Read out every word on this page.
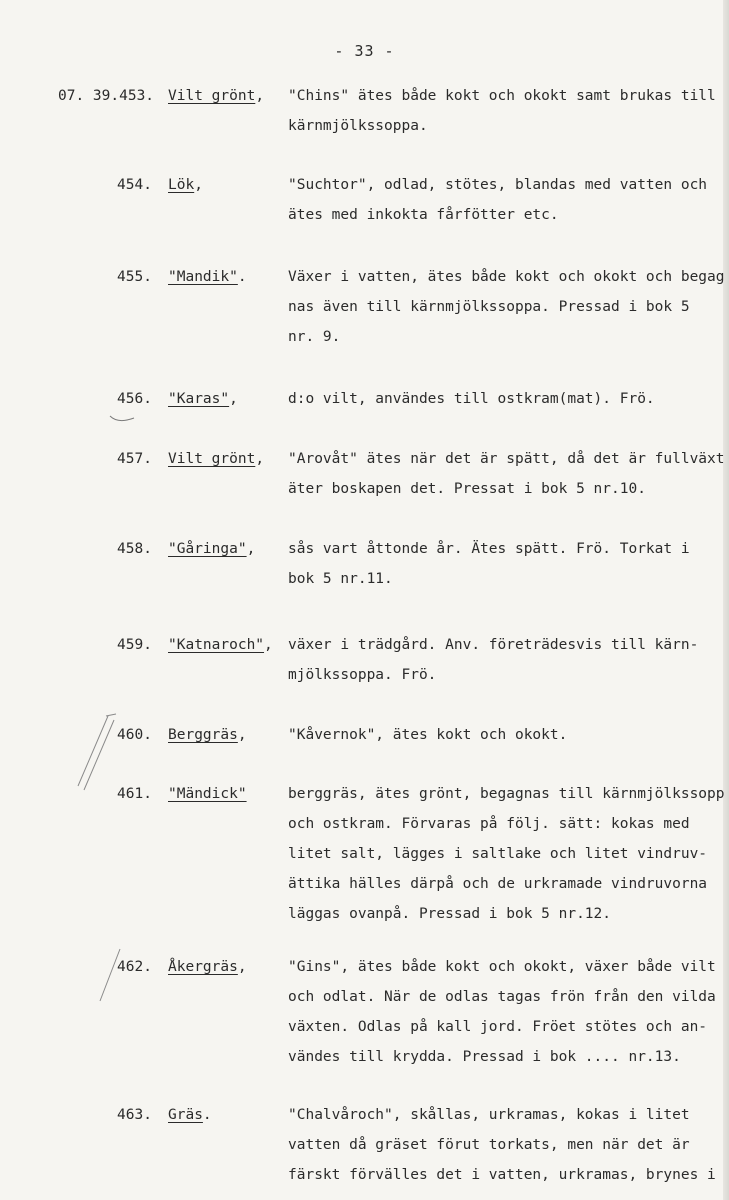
- 33 -
07. 39.453. Vilt grönt, "Chins" ätes både kokt och okokt samt brukas till
kärnmjölkssoppa.
454. Lök,	"Suchtor", odlad, stötes, blandas med vatten och
ätes med inkokta fårfötter etc.
455. "Mandik".	Växer i vatten, ätes både kokt och okokt och begag
nas även till kärnmjölkssoppa. Pressad i bok 5
nr. 9.
456. "Karas",	d:o vilt, användes till ostkram(mat). Frö.
457. Vilt grönt, "Arovåt" ätes när det är spätt, då det är fullväxt
äter boskapen det. Pressat i bok 5 nr.10.
458. "Gåringa", sås vart åttonde år. Ätes spätt. Frö. Torkat i
bok 5 nr.11.
459. "Katnaroch", växer i trädgård. Anv. företrädesvis till kärn-
mjölkssoppa. Frö.
460. Berggräs,	"Kåvernok", ätes kokt och okokt.
461. "Mändick"	berggräs, ätes grönt, begagnas till kärnmjölkssopp
och ostkram. Förvaras på följ. sätt: kokas med
litet salt, lägges i saltlake och litet vindruv-
ättika hälles därpå och de urkramade vindruvorna
läggas ovanpå. Pressad i bok 5 nr.12.
462. Åkergräs,	"Gins", ätes både kokt och okokt, växer både vilt
och odlat. När de odlas tagas frön från den vilda
växten. Odlas på kall jord. Fröet stötes och an-
vändes till krydda. Pressad i bok .... nr.13.
463. Gräs.	"Chalvåroch", skållas, urkramas, kokas i litet
vatten då gräset förut torkats, men när det är
färskt förvälles det i vatten, urkramas, brynes i
